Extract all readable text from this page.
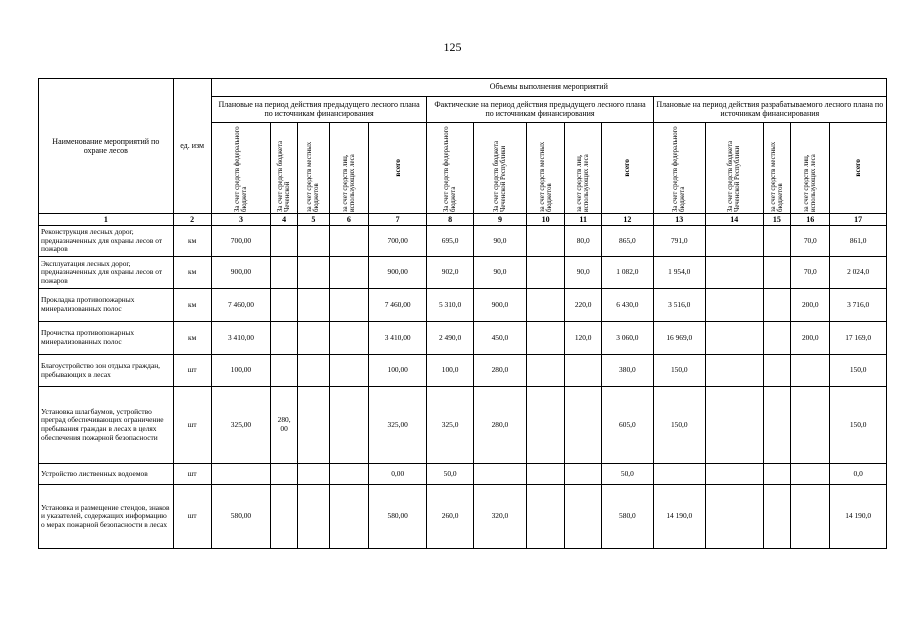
125
Наименование мероприятий по охране лесов	ед. изм	Объемы выполнения мероприятий														
		Плановые на период действия предыдущего лесного плана по источникам финансирования					Фактические на период действия предыдущего лесного плана по источникам финансирования					Плановые на период действия разрабатываемого лесного плана по источникам финансирования				

		За счет средств федерального бюджета	За счет средств бюджета Чеченской	за счет средств местных бюджетов	за счет средств лиц, использующих леса	всего	За счет средств федерального бюджета	За счет средств бюджета Чеченской Республики	за счет средств местных бюджетов	за счет средств лиц, использующих леса	всего	За счет средств федерального бюджета	За счет средств бюджета Чеченской Республики	за счет средств местных бюджетов	за счет средств лиц, использующих леса	всего

1	2	3	4	5	6	7	8	9	10	11	12	13	14	15	16	17
Реконструкция лесных дорог, предназначенных для охраны лесов от пожаров	км	700,00				700,00	695,0	90,0		80,0	865,0	791,0			70,0	861,0
Эксплуатация лесных дорог, предназначенных для охраны лесов от пожаров	км	900,00				900,00	902,0	90,0		90,0	1 082,0	1 954,0			70,0	2 024,0
Прокладка противопожарных минерализованных полос	км	7 460,00				7 460,00	5 310,0	900,0		220,0	6 430,0	3 516,0			200,0	3 716,0
Прочистка противопожарных минерализованных полос	км	3 410,00				3 410,00	2 490,0	450,0		120,0	3 060,0	16 969,0			200,0	17 169,0
Благоустройство зон отдыха граждан, пребывающих в лесах	шт	100,00				100,00	100,0	280,0			380,0	150,0				150,0
Установка шлагбаумов, устройство преград обеспечивающих ограничение пребывания граждан в лесах в целях обеспечения пожарной безопасности	шт	325,00	280, 00			325,00	325,0	280,0			605,0	150,0				150,0
Устройство лиственных водоемов	шт					0,00	50,0				50,0					0,0
Установка и размещение стендов, знаков и указателей, содержащих информацию о мерах пожарной безопасности в лесах	шт	580,00				580,00	260,0	320,0			580,0	14 190,0				14 190,0
